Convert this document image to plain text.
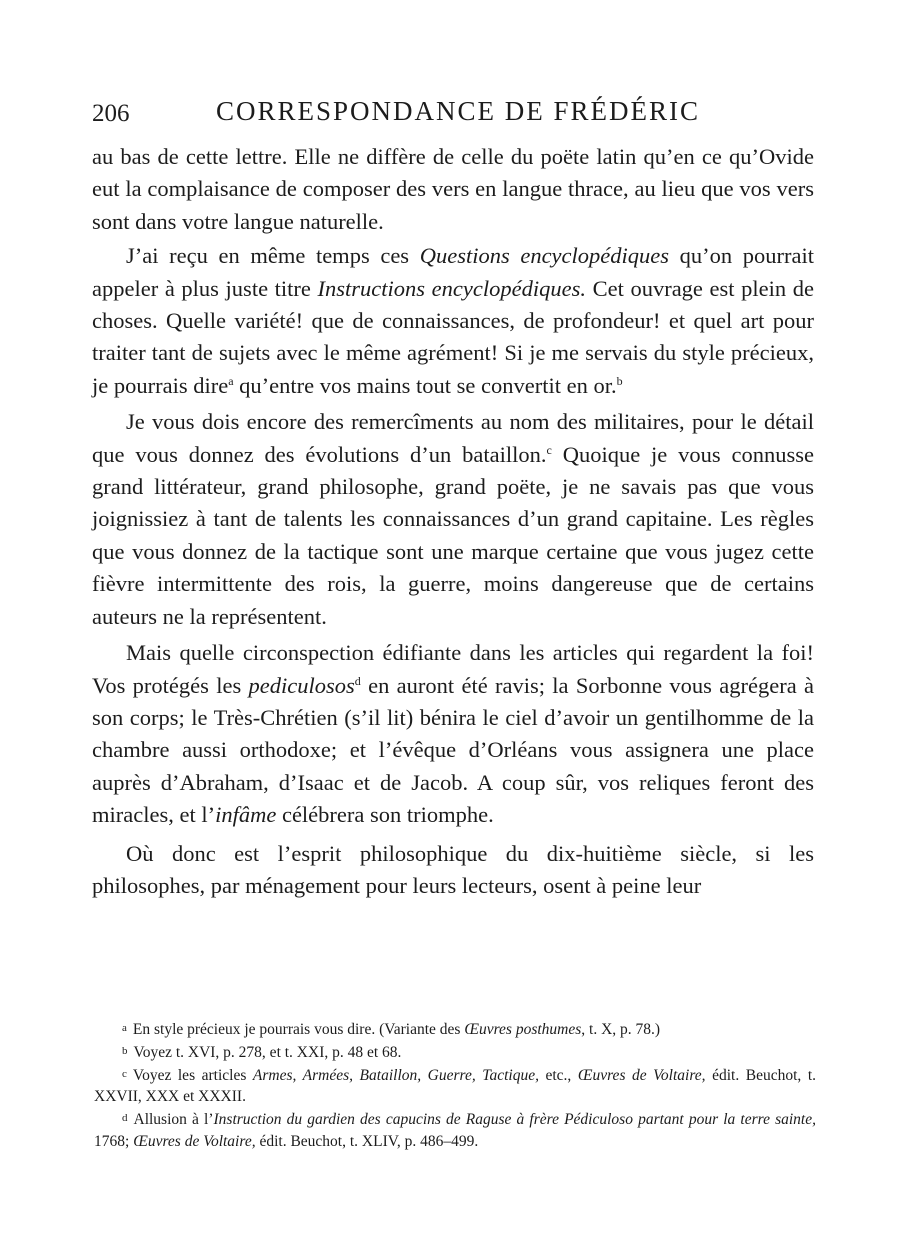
206	CORRESPONDANCE DE FRÉDÉRIC

au bas de cette lettre. Elle ne diffère de celle du poëte latin qu’en ce qu’Ovide eut la complaisance de composer des vers en langue thrace, au lieu que vos vers sont dans votre langue naturelle.

J’ai reçu en même temps ces Questions encyclopédiques qu’on pourrait appeler à plus juste titre Instructions encyclopédiques. Cet ouvrage est plein de choses. Quelle variété! que de connaissances, de profondeur! et quel art pour traiter tant de sujets avec le même agrément! Si je me servais du style précieux, je pourrais dire$^a$ qu’entre vos mains tout se convertit en or.$^b$

Je vous dois encore des remercîments au nom des militaires, pour le détail que vous donnez des évolutions d’un bataillon.$^c$ Quoique je vous connusse grand littérateur, grand philosophe, grand poëte, je ne savais pas que vous joignissiez à tant de talents les connaissances d’un grand capitaine. Les règles que vous donnez de la tactique sont une marque certaine que vous jugez cette fièvre intermittente des rois, la guerre, moins dangereuse que de certains auteurs ne la représentent.

Mais quelle circonspection édifiante dans les articles qui regardent la foi! Vos protégés les pediculosos$^d$ en auront été ravis; la Sorbonne vous agrégera à son corps; le Très-Chrétien (s’il lit) bénira le ciel d’avoir un gentilhomme de la chambre aussi orthodoxe; et l’évêque d’Orléans vous assignera une place auprès d’Abraham, d’Isaac et de Jacob. A coup sûr, vos reliques feront des miracles, et l’infâme célébrera son triomphe.

Où donc est l’esprit philosophique du dix-huitième siècle, si les philosophes, par ménagement pour leurs lecteurs, osent à peine leur

a En style précieux je pourrais vous dire. (Variante des Œuvres posthumes, t. X, p. 78.)

b Voyez t. XVI, p. 278, et t. XXI, p. 48 et 68.

c Voyez les articles Armes, Armées, Bataillon, Guerre, Tactique, etc., Œuvres de Voltaire, édit. Beuchot, t. XXVII, XXX et XXXII.

d Allusion à l’Instruction du gardien des capucins de Raguse à frère Pédiculoso partant pour la terre sainte, 1768; Œuvres de Voltaire, édit. Beuchot, t. XLIV, p. 486–499.
